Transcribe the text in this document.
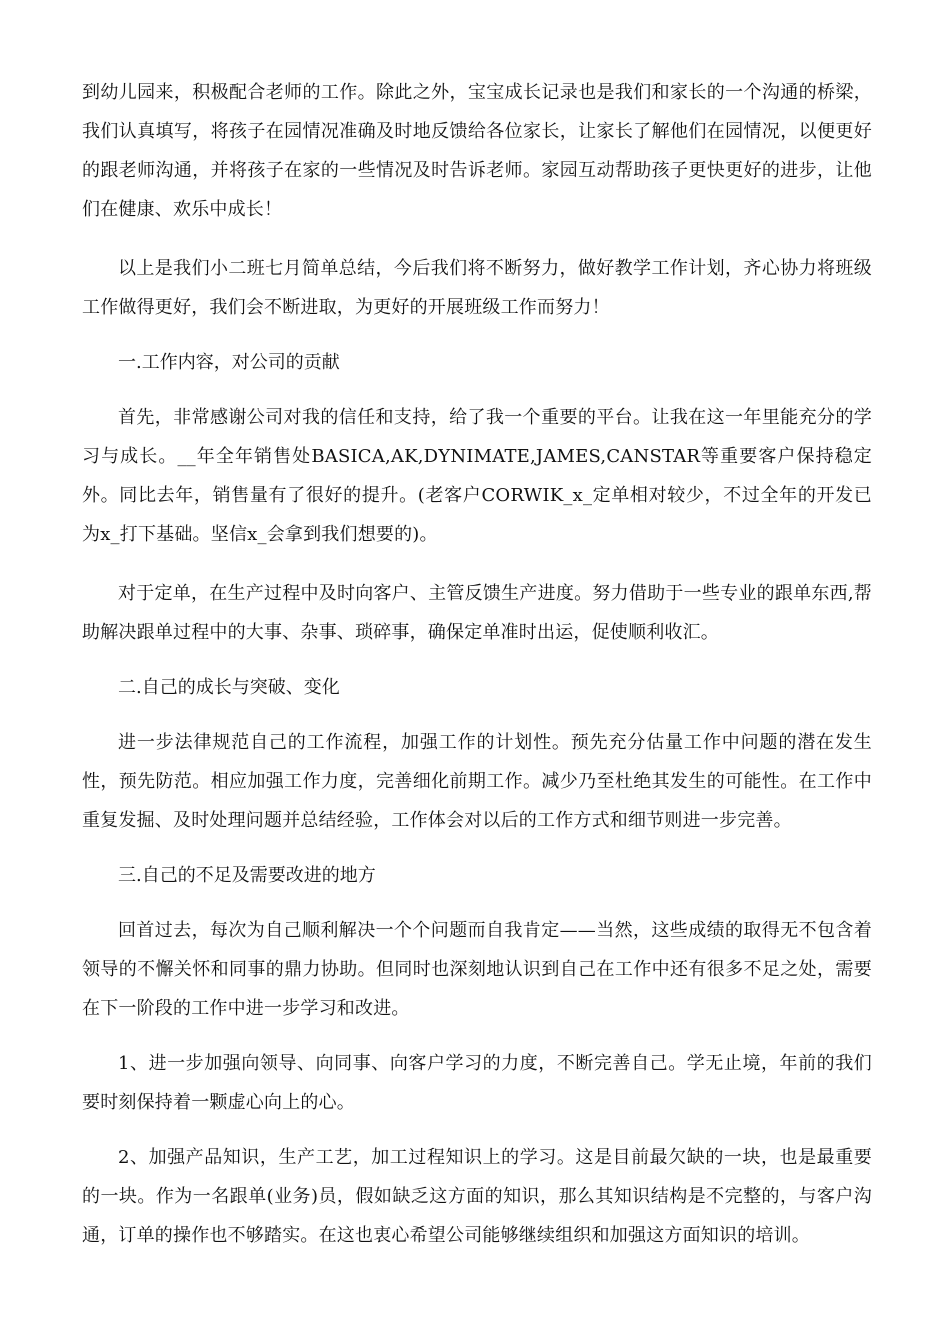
到幼儿园来，积极配合老师的工作。除此之外，宝宝成长记录也是我们和家长的一个沟通的桥梁，我们认真填写，将孩子在园情况准确及时地反馈给各位家长，让家长了解他们在园情况，以便更好的跟老师沟通，并将孩子在家的一些情况及时告诉老师。家园互动帮助孩子更快更好的进步，让他们在健康、欢乐中成长！

以上是我们小二班七月简单总结，今后我们将不断努力，做好教学工作计划，齐心协力将班级工作做得更好，我们会不断进取，为更好的开展班级工作而努力！

一.工作内容，对公司的贡献

首先，非常感谢公司对我的信任和支持，给了我一个重要的平台。让我在这一年里能充分的学习与成长。__年全年销售处BASICA,AK,DYNIMATE,JAMES,CANSTAR等重要客户保持稳定外。同比去年，销售量有了很好的提升。(老客户CORWIK_x_定单相对较少，不过全年的开发已为x_打下基础。坚信x_会拿到我们想要的)。

对于定单，在生产过程中及时向客户、主管反馈生产进度。努力借助于一些专业的跟单东西,帮助解决跟单过程中的大事、杂事、琐碎事，确保定单准时出运，促使顺利收汇。

二.自己的成长与突破、变化

进一步法律规范自己的工作流程，加强工作的计划性。预先充分估量工作中问题的潜在发生性，预先防范。相应加强工作力度，完善细化前期工作。减少乃至杜绝其发生的可能性。在工作中重复发掘、及时处理问题并总结经验，工作体会对以后的工作方式和细节则进一步完善。

三.自己的不足及需要改进的地方

回首过去，每次为自己顺利解决一个个问题而自我肯定——当然，这些成绩的取得无不包含着领导的不懈关怀和同事的鼎力协助。但同时也深刻地认识到自己在工作中还有很多不足之处，需要在下一阶段的工作中进一步学习和改进。

1、进一步加强向领导、向同事、向客户学习的力度，不断完善自己。学无止境，年前的我们要时刻保持着一颗虚心向上的心。

2、加强产品知识，生产工艺，加工过程知识上的学习。这是目前最欠缺的一块，也是最重要的一块。作为一名跟单(业务)员，假如缺乏这方面的知识，那么其知识结构是不完整的，与客户沟通，订单的操作也不够踏实。在这也衷心希望公司能够继续组织和加强这方面知识的培训。
